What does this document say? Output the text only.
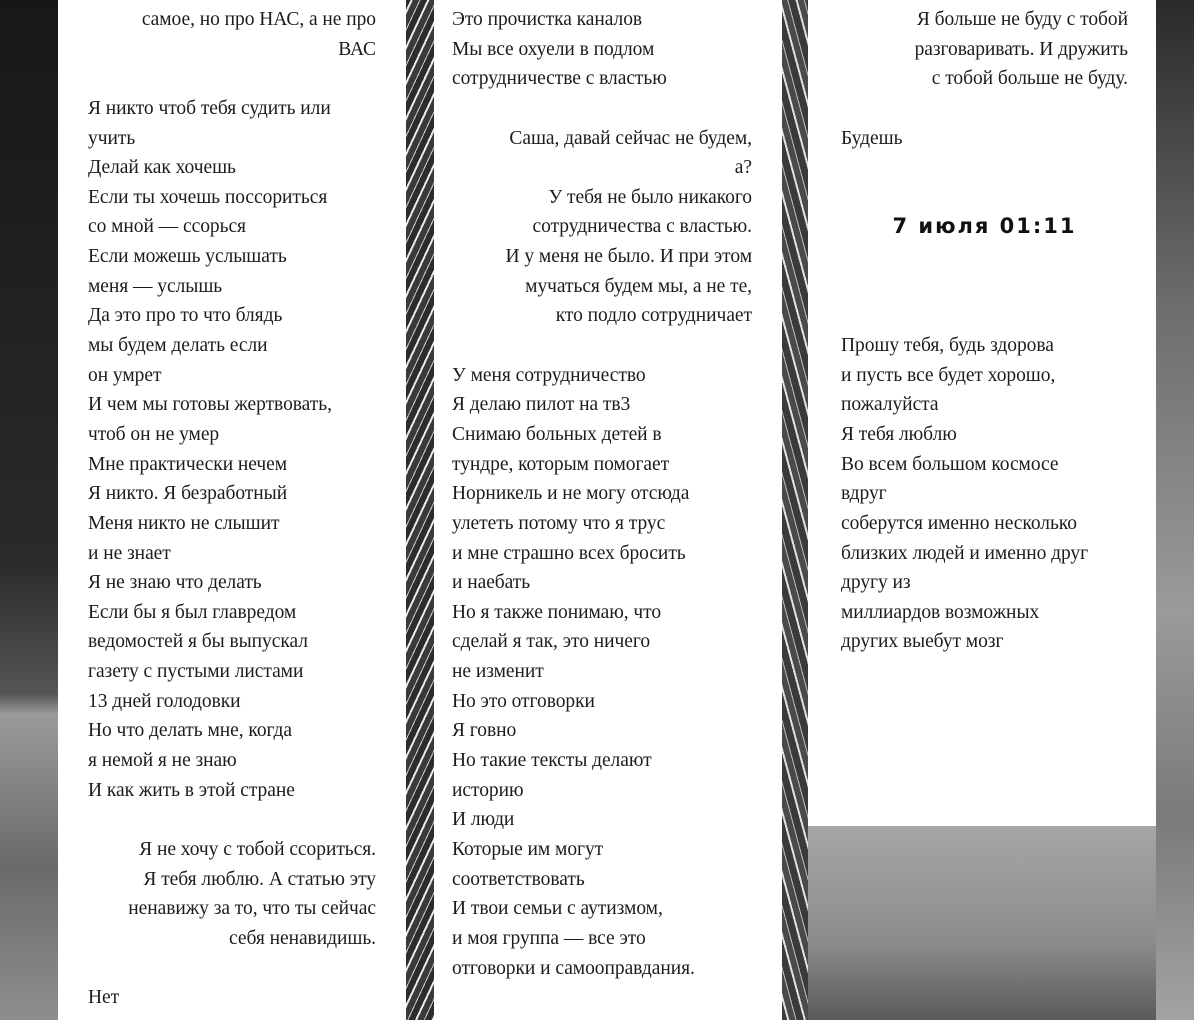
самое, но про НАС, а не про
ВАС
Я никто чтоб тебя судить или
учить
Делай как хочешь
Если ты хочешь поссориться
со мной — ссорься
Если можешь услышать
меня — услышь
Да это про то что блядь
мы будем делать если
он умрет
И чем мы готовы жертвовать,
чтоб он не умер
Мне практически нечем
Я никто. Я безработный
Меня никто не слышит
и не знает
Я не знаю что делать
Если бы я был главредом
ведомостей я бы выпускал
газету с пустыми листами
13 дней голодовки
Но что делать мне, когда
я немой я не знаю
И как жить в этой стране
Я не хочу с тобой ссориться.
Я тебя люблю. А статью эту
ненавижу за то, что ты сейчас
себя ненавидишь.
Нет
Это прочистка каналов
Мы все охуели в подлом
сотрудничестве с властью
Саша, давай сейчас не будем,
а?
У тебя не было никакого
сотрудничества с властью.
И у меня не было. И при этом
мучаться будем мы, а не те,
кто подло сотрудничает
У меня сотрудничество
Я делаю пилот на тв3
Снимаю больных детей в
тундре, которым помогает
Норникель и не могу отсюда
улететь потому что я трус
и мне страшно всех бросить
и наебать
Но я также понимаю, что
сделай я так, это ничего
не изменит
Но это отговорки
Я говно
Но такие тексты делают
историю
И люди
Которые им могут
соответствовать
И твои семьи с аутизмом,
и моя группа — все это
отговорки и самооправдания.
Я больше не буду с тобой
разговаривать. И дружить
с тобой больше не буду.
Будешь
7 июля 01:11
Прошу тебя, будь здорова
и пусть все будет хорошо,
пожалуйста
Я тебя люблю
Во всем большом космосе
вдруг
соберутся именно несколько
близких людей и именно друг
другу из
миллиардов возможных
других выебут мозг
